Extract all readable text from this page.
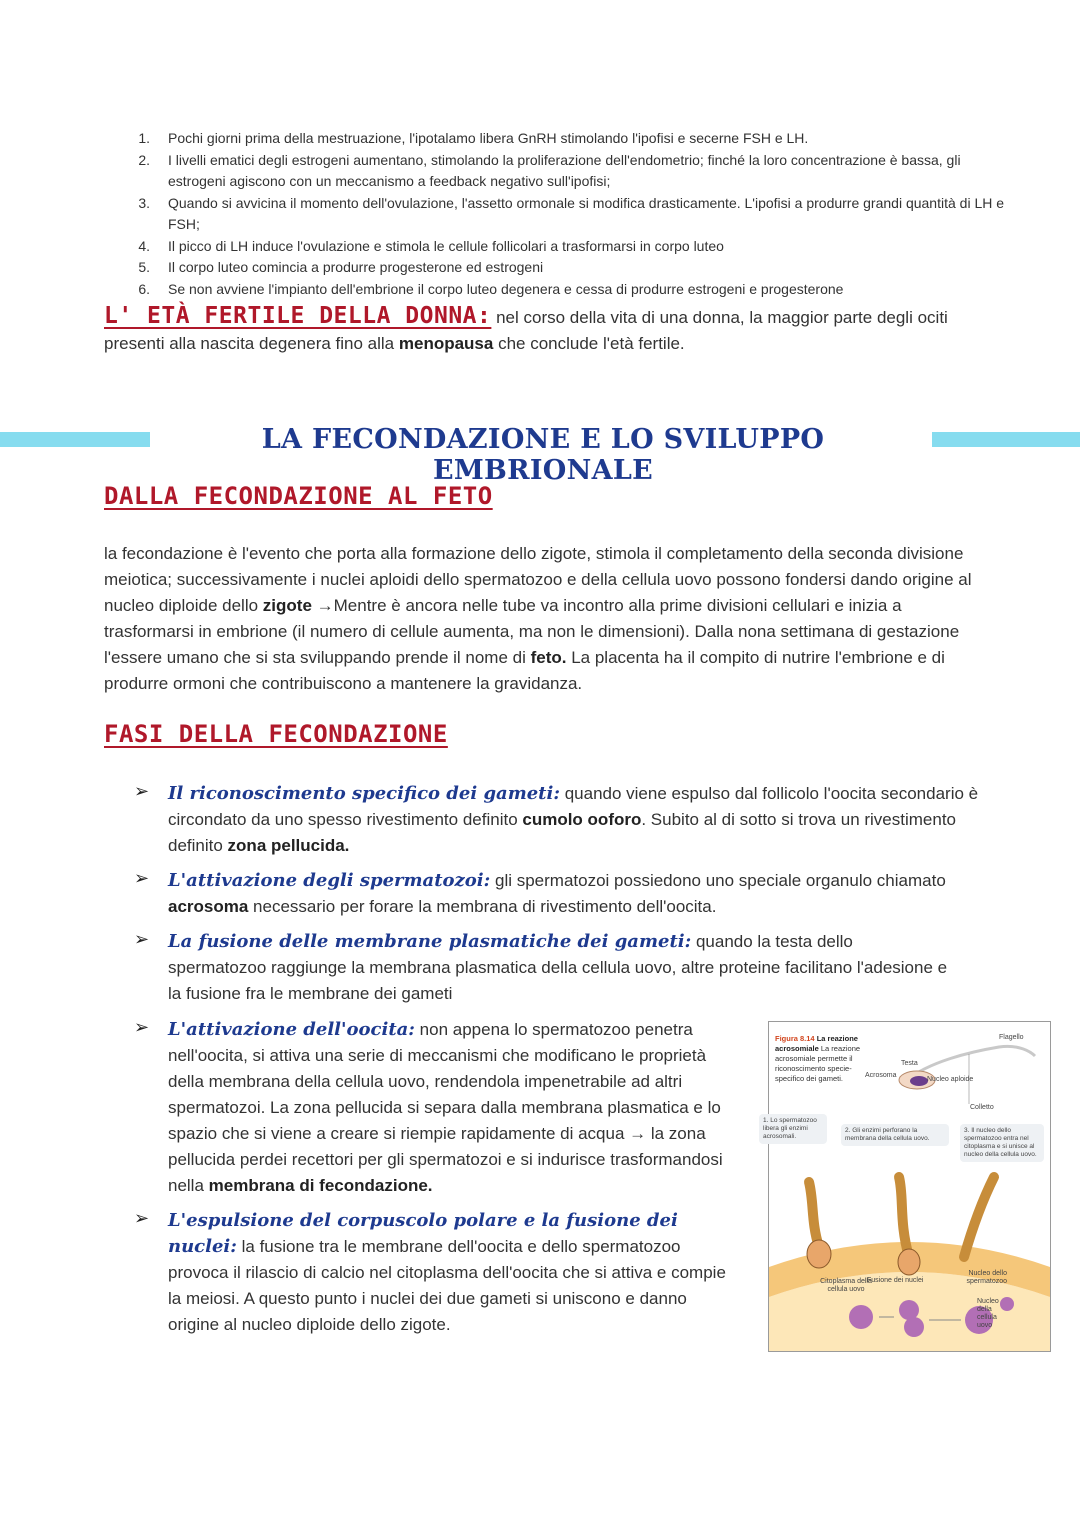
1. Pochi giorni prima della mestruazione, l'ipotalamo libera GnRH stimolando l'ipofisi e secerne FSH e LH.
2. I livelli ematici degli estrogeni aumentano, stimolando la proliferazione dell'endometrio; finché la loro concentrazione è bassa, gli estrogeni agiscono con un meccanismo a feedback negativo sull'ipofisi;
3. Quando si avvicina il momento dell'ovulazione, l'assetto ormonale si modifica drasticamente. L'ipofisi a produrre grandi quantità di LH e FSH;
4. Il picco di LH induce l'ovulazione e stimola le cellule follicolari a trasformarsi in corpo luteo
5. Il corpo luteo comincia a produrre progesterone ed estrogeni
6. Se non avviene l'impianto dell'embrione il corpo luteo degenera e cessa di produrre estrogeni e progesterone
L' ETÀ FERTILE DELLA DONNA: nel corso della vita di una donna, la maggior parte degli ociti presenti alla nascita degenera fino alla menopausa che conclude l'età fertile.
LA FECONDAZIONE E LO SVILUPPO EMBRIONALE
DALLA FECONDAZIONE AL FETO
la fecondazione è l'evento che porta alla formazione dello zigote, stimola il completamento della seconda divisione meiotica; successivamente i nuclei aploidi dello spermatozoo e della cellula uovo possono fondersi dando origine al nucleo diploide dello zigote →Mentre è ancora nelle tube va incontro alla prime divisioni cellulari e inizia a trasformarsi in embrione (il numero di cellule aumenta, ma non le dimensioni). Dalla nona settimana di gestazione l'essere umano che si sta sviluppando prende il nome di feto. La placenta ha il compito di nutrire l'embrione e di produrre ormoni che contribuiscono a mantenere la gravidanza.
FASI DELLA FECONDAZIONE
➢ Il riconoscimento specifico dei gameti: quando viene espulso dal follicolo l'oocita secondario è circondato da uno spesso rivestimento definito cumolo ooforo. Subito al di sotto si trova un rivestimento definito zona pellucida.
➢ L'attivazione degli spermatozoi: gli spermatozoi possiedono uno speciale organulo chiamato acrosoma necessario per forare la membrana di rivestimento dell'oocita.
➢ La fusione delle membrane plasmatiche dei gameti: quando la testa dello spermatozoo raggiunge la membrana plasmatica della cellula uovo, altre proteine facilitano l'adesione e la fusione fra le membrane dei gameti
➢ L'attivazione dell'oocita: non appena lo spermatozoo penetra nell'oocita, si attiva una serie di meccanismi che modificano le proprietà della membrana della cellula uovo, rendendola impenetrabile ad altri spermatozoi. La zona pellucida si separa dalla membrana plasmatica e lo spazio che si viene a creare si riempie rapidamente di acqua → la zona pellucida perdei recettori per gli spermatozoi e si indurisce trasformandosi nella membrana di fecondazione.
➢ L'espulsione del corpuscolo polare e la fusione dei nuclei: la fusione tra le membrane dell'oocita e dello spermatozoo provoca il rilascio di calcio nel citoplasma dell'oocita che si attiva e compie la meiosi. A questo punto i nuclei dei due gameti si uniscono e danno origine al nucleo diploide dello zigote.
Figura 8.14 La reazione acrosomiale La reazione acrosomiale permette il riconoscimento specie-specifico dei gameti.
Flagello
Testa
Acrosoma
Nucleo aploide
Colletto
1. Lo spermatozoo libera gli enzimi acrosomali.
2. Gli enzimi perforano la membrana della cellula uovo.
3. Il nucleo dello spermatozoo entra nel citoplasma e si unisce al nucleo della cellula uovo.
Citoplasma della cellula uovo
Fusione dei nuclei
Nucleo dello spermatozoo
Nucleo della cellula uovo
